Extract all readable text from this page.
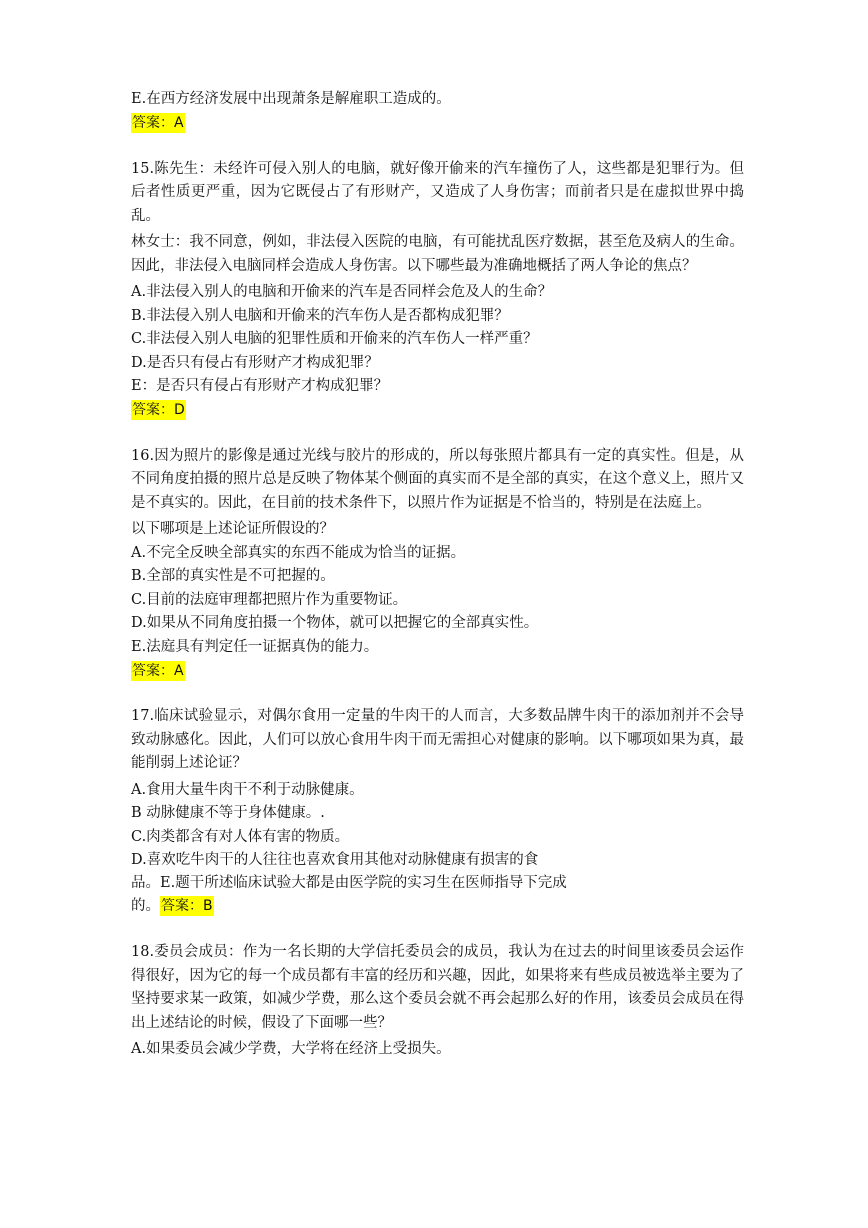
E.在西方经济发展中出现萧条是解雇职工造成的。
答案：A
15.陈先生：未经许可侵入别人的电脑，就好像开偷来的汽车撞伤了人，这些都是犯罪行为。但后者性质更严重，因为它既侵占了有形财产，又造成了人身伤害；而前者只是在虚拟世界中捣乱。
林女士：我不同意，例如，非法侵入医院的电脑，有可能扰乱医疗数据，甚至危及病人的生命。因此，非法侵入电脑同样会造成人身伤害。以下哪些最为准确地概括了两人争论的焦点？
A.非法侵入别人的电脑和开偷来的汽车是否同样会危及人的生命？
B.非法侵入别人电脑和开偷来的汽车伤人是否都构成犯罪？
C.非法侵入别人电脑的犯罪性质和开偷来的汽车伤人一样严重？
D.是否只有侵占有形财产才构成犯罪？
E：是否只有侵占有形财产才构成犯罪？
答案：D
16.因为照片的影像是通过光线与胶片的形成的，所以每张照片都具有一定的真实性。但是，从不同角度拍摄的照片总是反映了物体某个侧面的真实而不是全部的真实，在这个意义上，照片又是不真实的。因此，在目前的技术条件下，以照片作为证据是不恰当的，特别是在法庭上。
以下哪项是上述论证所假设的？
A.不完全反映全部真实的东西不能成为恰当的证据。
B.全部的真实性是不可把握的。
C.目前的法庭审理都把照片作为重要物证。
D.如果从不同角度拍摄一个物体，就可以把握它的全部真实性。
E.法庭具有判定任一证据真伪的能力。
答案：A
17.临床试验显示，对偶尔食用一定量的牛肉干的人而言，大多数品牌牛肉干的添加剂并不会导致动脉感化。因此，人们可以放心食用牛肉干而无需担心对健康的影响。以下哪项如果为真，最能削弱上述论证？
A.食用大量牛肉干不利于动脉健康。
B 动脉健康不等于身体健康。.
C.肉类都含有对人体有害的物质。
D.喜欢吃牛肉干的人往往也喜欢食用其他对动脉健康有损害的食
品。E.题干所述临床试验大都是由医学院的实习生在医师指导下完成
的。答案：B
18.委员会成员：作为一名长期的大学信托委员会的成员，我认为在过去的时间里该委员会运作得很好，因为它的每一个成员都有丰富的经历和兴趣，因此，如果将来有些成员被选举主要为了坚持要求某一政策，如减少学费，那么这个委员会就不再会起那么好的作用，该委员会成员在得出上述结论的时候，假设了下面哪一些？
A.如果委员会减少学费，大学将在经济上受损失。
